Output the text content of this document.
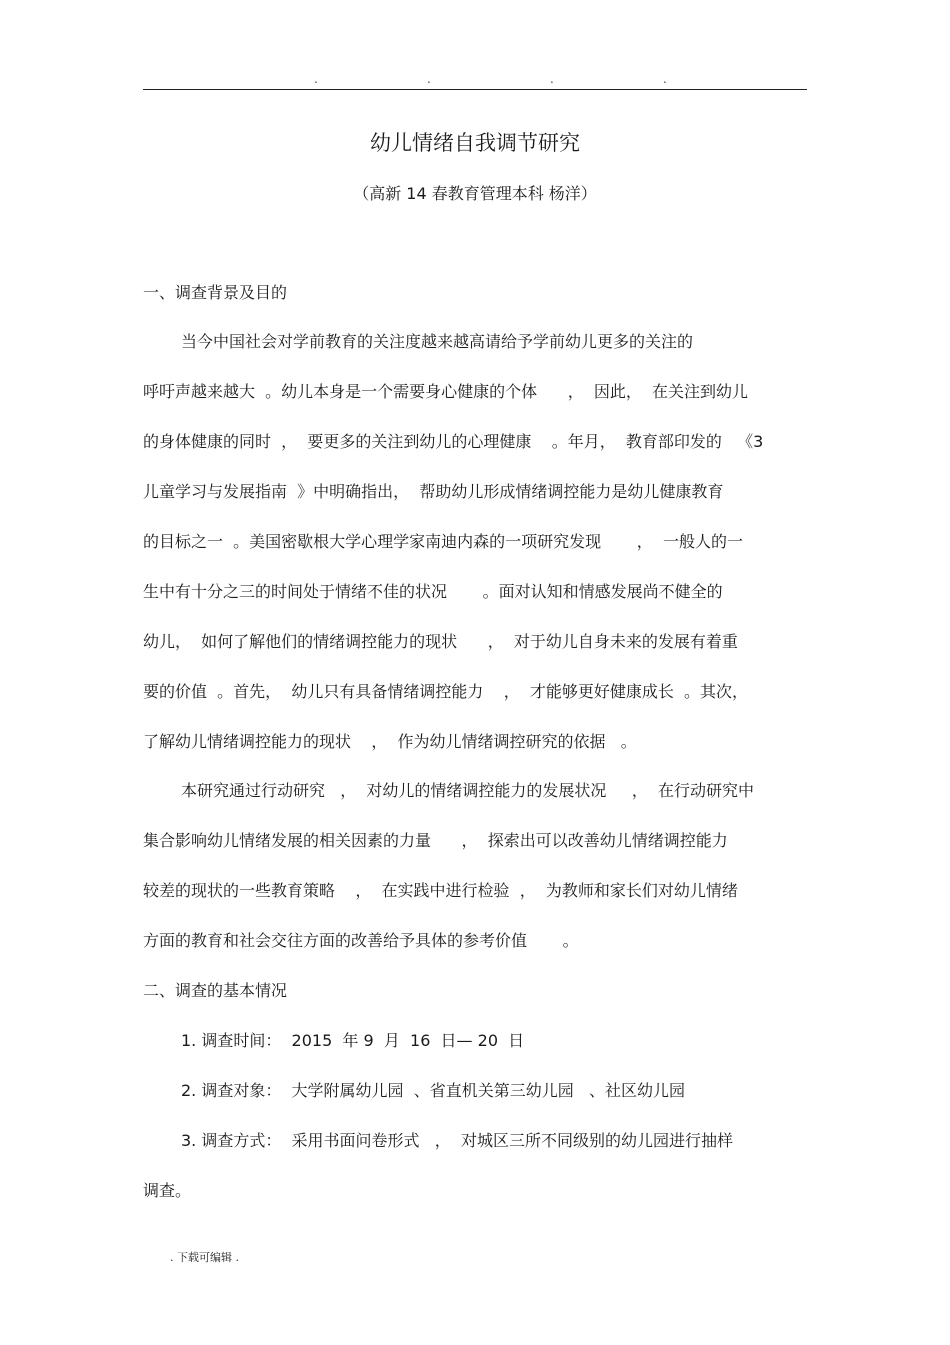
.	.	.	.
幼儿情绪自我调节研究
（高新 14 春教育管理本科 杨洋）
一、调查背景及目的
当今中国社会对学前教育的关注度越来越高请给予学前幼儿更多的关注的
呼吁声越来越大  。幼儿本身是一个需要身心健康的个体      ，  因此，  在关注到幼儿
的身体健康的同时  ，  要更多的关注到幼儿的心理健康    。年月，  教育部印发的   《3
儿童学习与发展指南  》中明确指出，  帮助幼儿形成情绪调控能力是幼儿健康教育
的目标之一  。美国密歇根大学心理学家南迪内森的一项研究发现       ，  一般人的一
生中有十分之三的时间处于情绪不佳的状况       。面对认知和情感发展尚不健全的
幼儿，  如何了解他们的情绪调控能力的现状      ，  对于幼儿自身未来的发展有着重
要的价值  。首先，  幼儿只有具备情绪调控能力    ，  才能够更好健康成长  。其次，
了解幼儿情绪调控能力的现状    ，  作为幼儿情绪调控研究的依据   。
本研究通过行动研究   ，  对幼儿的情绪调控能力的发展状况     ，  在行动研究中
集合影响幼儿情绪发展的相关因素的力量      ，  探索出可以改善幼儿情绪调控能力
较差的现状的一些教育策略    ，  在实践中进行检验  ，  为教师和家长们对幼儿情绪
方面的教育和社会交往方面的改善给予具体的参考价值       。
二、调查的基本情况
1. 调查时间：  2015  年 9  月  16  日— 20  日
2. 调查对象：  大学附属幼儿园  、省直机关第三幼儿园   、社区幼儿园
3. 调查方式：  采用书面问卷形式   ，  对城区三所不同级别的幼儿园进行抽样
调查。
. 下载可编辑 .
